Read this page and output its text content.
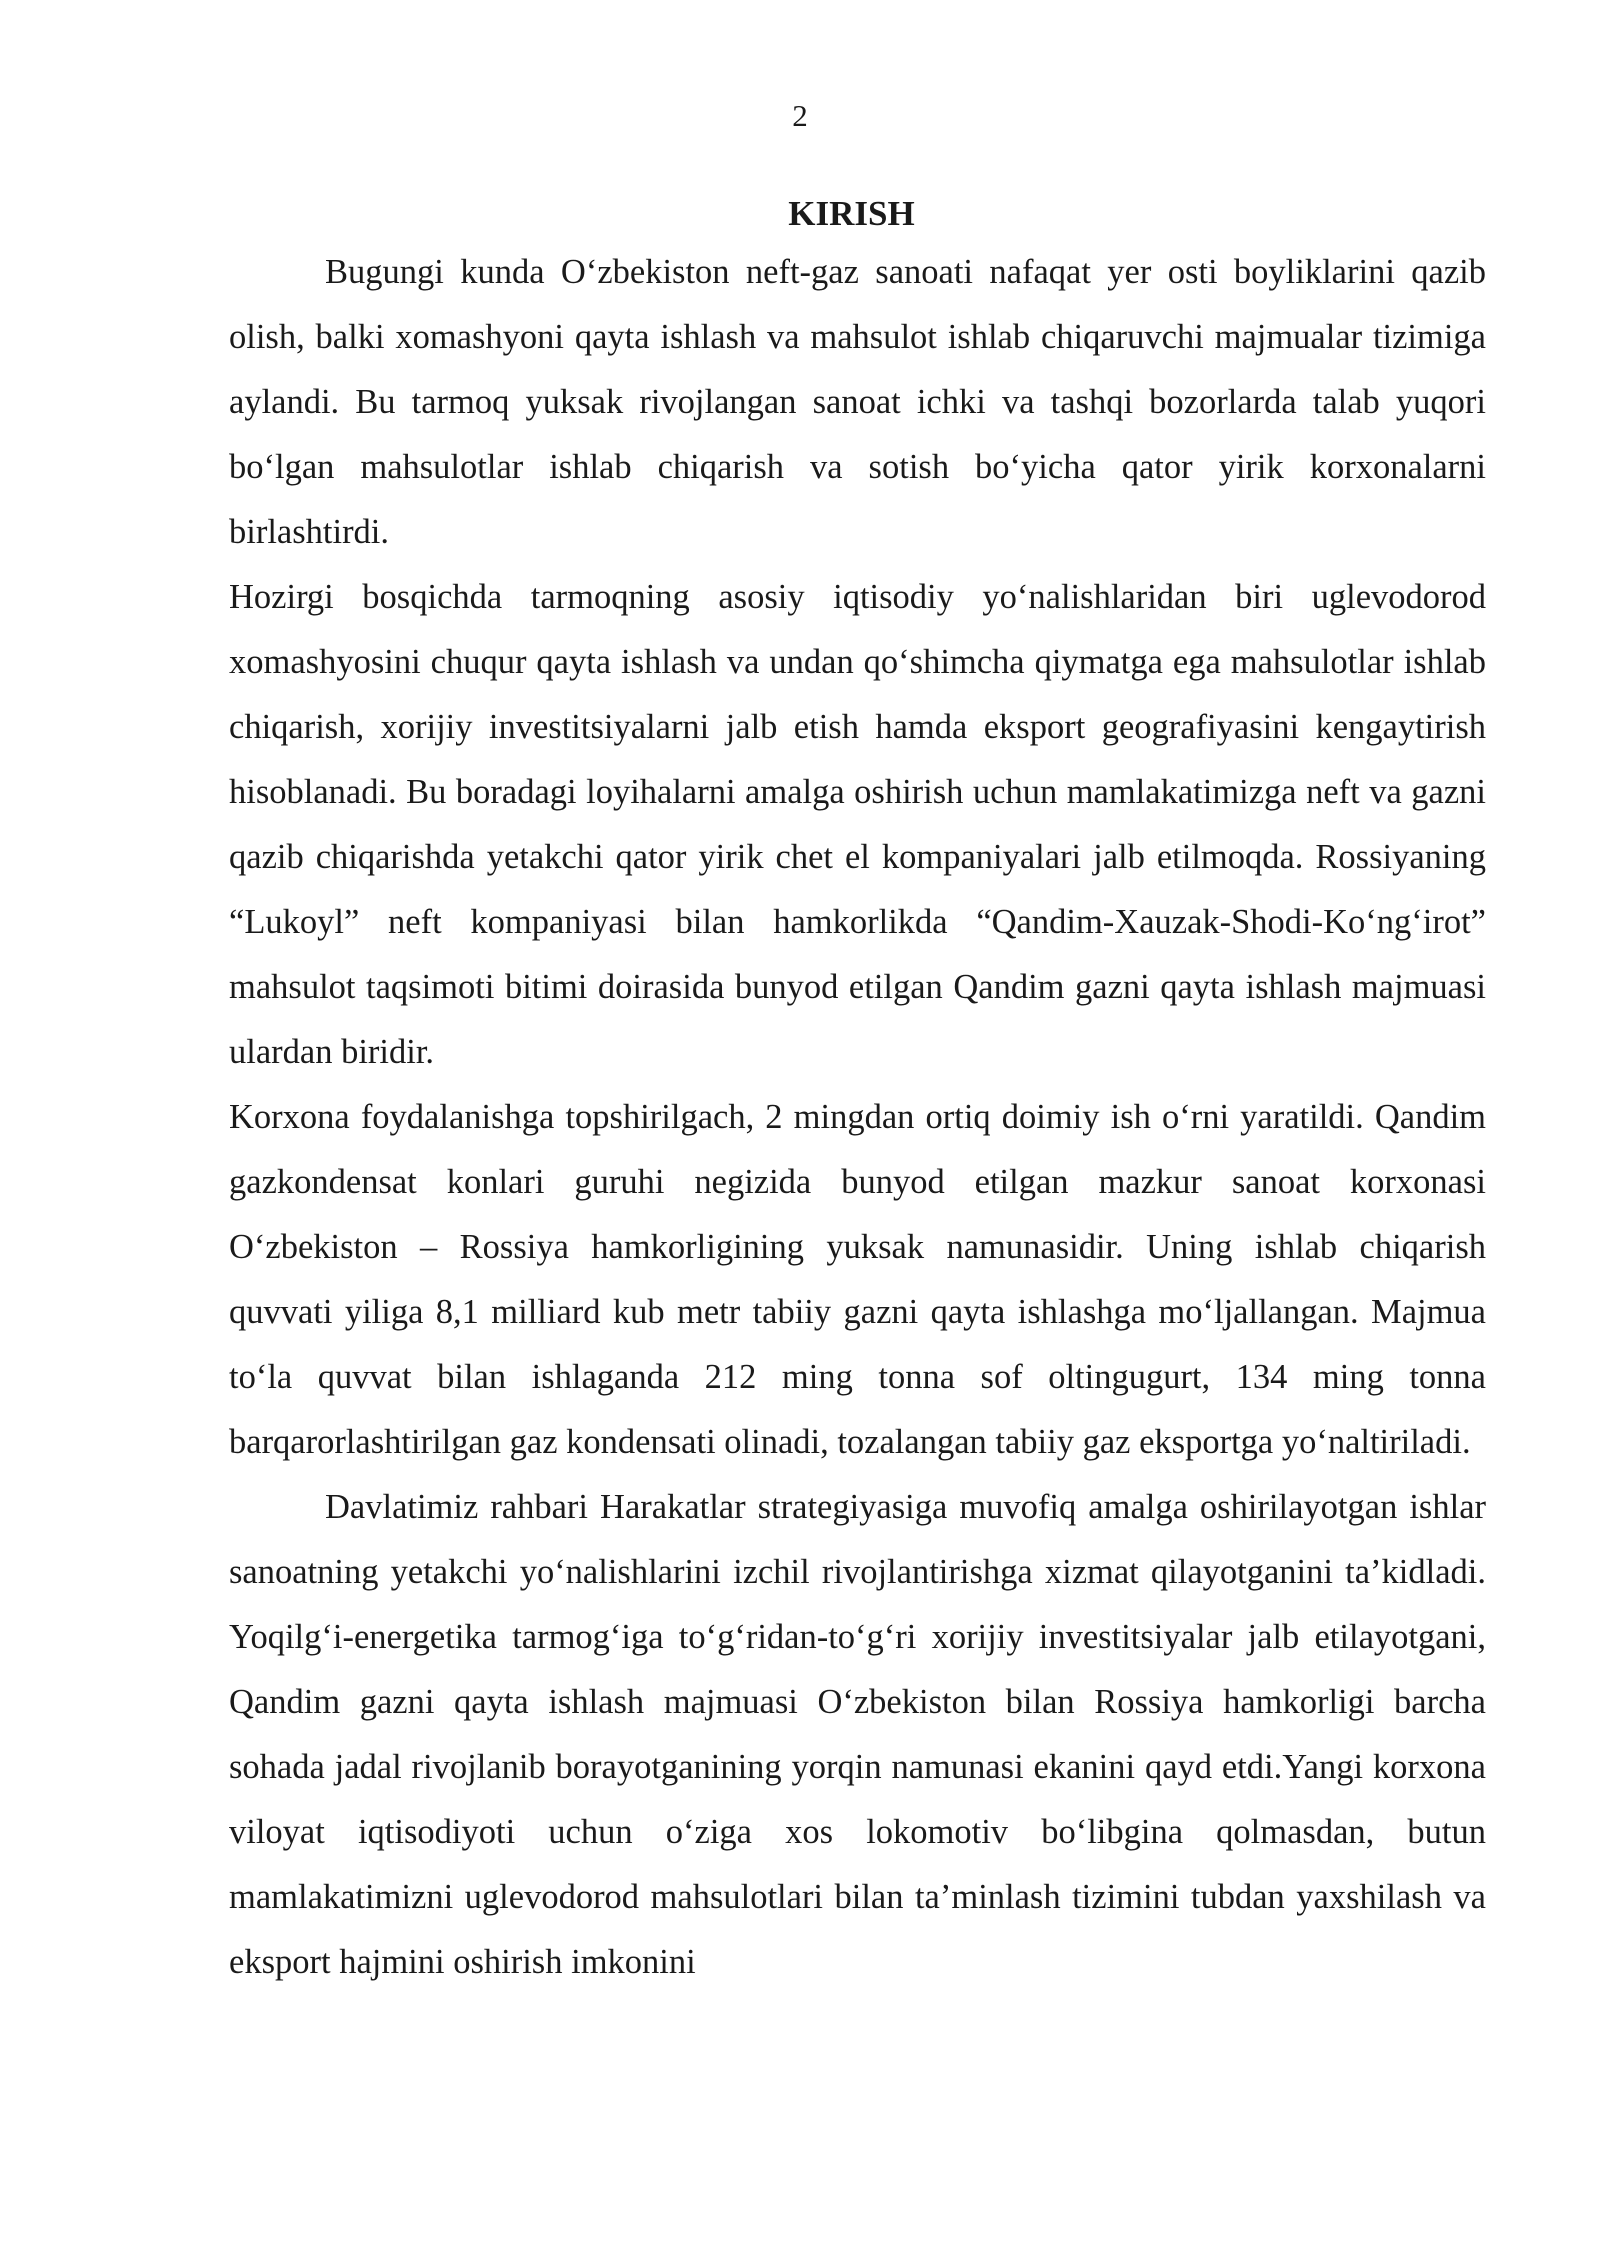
2
KIRISH

Bugungi kunda O‘zbekiston neft-gaz sanoati nafaqat yer osti boyliklarini qazib olish, balki xomashyoni qayta ishlash va mahsulot ishlab chiqaruvchi majmualar tizimiga aylandi. Bu tarmoq yuksak rivojlangan sanoat ichki va tashqi bozorlarda talab yuqori bo‘lgan mahsulotlar ishlab chiqarish va sotish bo‘yicha qator yirik korxonalarni birlashtirdi.

Hozirgi bosqichda tarmoqning asosiy iqtisodiy yo‘nalishlaridan biri uglevodorod xomashyosini chuqur qayta ishlash va undan qo‘shimcha qiymatga ega mahsulotlar ishlab chiqarish, xorijiy investitsiyalarni jalb etish hamda eksport geografiyasini kengaytirish hisoblanadi. Bu boradagi loyihalarni amalga oshirish uchun mamlakatimizga neft va gazni qazib chiqarishda yetakchi qator yirik chet el kompaniyalari jalb etilmoqda. Rossiyaning “Lukoyl” neft kompaniyasi bilan hamkorlikda “Qandim-Xauzak-Shodi-Ko‘ng‘irot” mahsulot taqsimoti bitimi doirasida bunyod etilgan Qandim gazni qayta ishlash majmuasi ulardan biridir.

Korxona foydalanishga topshirilgach, 2 mingdan ortiq doimiy ish o‘rni yaratildi. Qandim gazkondensat konlari guruhi negizida bunyod etilgan mazkur sanoat korxonasi O‘zbekiston – Rossiya hamkorligining yuksak namunasidir. Uning ishlab chiqarish quvvati yiliga 8,1 milliard kub metr tabiiy gazni qayta ishlashga mo‘ljallangan. Majmua to‘la quvvat bilan ishlaganda 212 ming tonna sof oltingugurt, 134 ming tonna barqarorlashtirilgan gaz kondensati olinadi, tozalangan tabiiy gaz eksportga yo‘naltiriladi.

Davlatimiz rahbari Harakatlar strategiyasiga muvofiq amalga oshirilayotgan ishlar sanoatning yetakchi yo‘nalishlarini izchil rivojlantirishga xizmat qilayotganini ta’kidladi. Yoqilg‘i-energetika tarmog‘iga to‘g‘ridan-to‘g‘ri xorijiy investitsiyalar jalb etilayotgani, Qandim gazni qayta ishlash majmuasi O‘zbekiston bilan Rossiya hamkorligi barcha sohada jadal rivojlanib borayotganining yorqin namunasi ekanini qayd etdi.Yangi korxona viloyat iqtisodiyoti uchun o‘ziga xos lokomotiv bo‘libgina qolmasdan, butun mamlakatimizni uglevodorod mahsulotlari bilan ta’minlash tizimini tubdan yaxshilash va eksport hajmini oshirish imkonini
